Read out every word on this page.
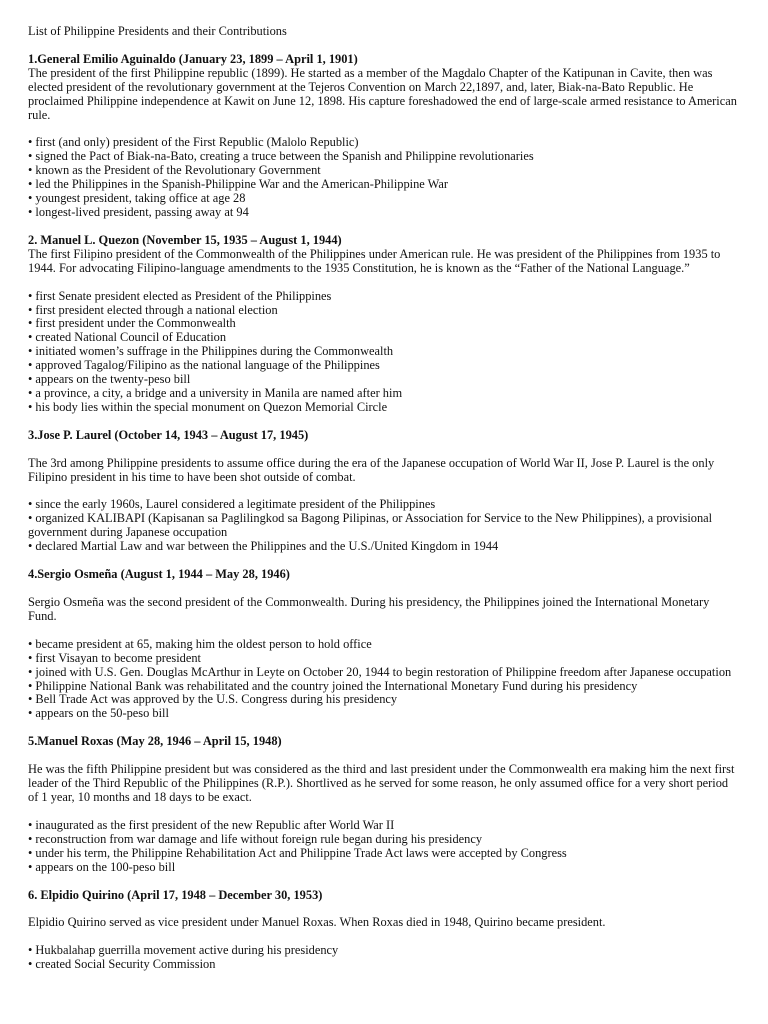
List of Philippine Presidents and their Contributions
1.General Emilio Aguinaldo (January 23, 1899 – April 1, 1901)
The president of the first Philippine republic (1899). He started as a member of the Magdalo Chapter of the Katipunan in Cavite, then was elected president of the revolutionary government at the Tejeros Convention on March 22,1897, and, later, Biak-na-Bato Republic. He proclaimed Philippine independence at Kawit on June 12, 1898. His capture foreshadowed the end of large-scale armed resistance to American rule.
• first (and only) president of the First Republic (Malolo Republic)
• signed the Pact of Biak-na-Bato, creating a truce between the Spanish and Philippine revolutionaries
• known as the President of the Revolutionary Government
• led the Philippines in the Spanish-Philippine War and the American-Philippine War
• youngest president, taking office at age 28
• longest-lived president, passing away at 94
2. Manuel L. Quezon (November 15, 1935 – August 1, 1944)
The first Filipino president of the Commonwealth of the Philippines under American rule. He was president of the Philippines from 1935 to 1944. For advocating Filipino-language amendments to the 1935 Constitution, he is known as the “Father of the National Language.”
• first Senate president elected as President of the Philippines
• first president elected through a national election
• first president under the Commonwealth
• created National Council of Education
• initiated women’s suffrage in the Philippines during the Commonwealth
• approved Tagalog/Filipino as the national language of the Philippines
• appears on the twenty-peso bill
• a province, a city, a bridge and a university in Manila are named after him
• his body lies within the special monument on Quezon Memorial Circle
3.Jose P. Laurel (October 14, 1943 – August 17, 1945)
The 3rd among Philippine presidents to assume office during the era of the Japanese occupation of World War II, Jose P. Laurel is the only Filipino president in his time to have been shot outside of combat.
• since the early 1960s, Laurel considered a legitimate president of the Philippines
• organized KALIBAPI (Kapisanan sa Paglilingkod sa Bagong Pilipinas, or Association for Service to the New Philippines), a provisional government during Japanese occupation
• declared Martial Law and war between the Philippines and the U.S./United Kingdom in 1944
4.Sergio Osmeña (August 1, 1944 – May 28, 1946)
Sergio Osmeña was the second president of the Commonwealth. During his presidency, the Philippines joined the International Monetary Fund.
• became president at 65, making him the oldest person to hold office
• first Visayan to become president
• joined with U.S. Gen. Douglas McArthur in Leyte on October 20, 1944 to begin restoration of Philippine freedom after Japanese occupation
• Philippine National Bank was rehabilitated and the country joined the International Monetary Fund during his presidency
• Bell Trade Act was approved by the U.S. Congress during his presidency
• appears on the 50-peso bill
5.Manuel Roxas (May 28, 1946 – April 15, 1948)
He was the fifth Philippine president but was considered as the third and last president under the Commonwealth era making him the next first leader of the Third Republic of the Philippines (R.P.). Shortlived as he served for some reason, he only assumed office for a very short period of 1 year, 10 months and 18 days to be exact.
• inaugurated as the first president of the new Republic after World War II
• reconstruction from war damage and life without foreign rule began during his presidency
• under his term, the Philippine Rehabilitation Act and Philippine Trade Act laws were accepted by Congress
• appears on the 100-peso bill
6. Elpidio Quirino (April 17, 1948 – December 30, 1953)
Elpidio Quirino served as vice president under Manuel Roxas. When Roxas died in 1948, Quirino became president.
• Hukbalahap guerrilla movement active during his presidency
• created Social Security Commission
